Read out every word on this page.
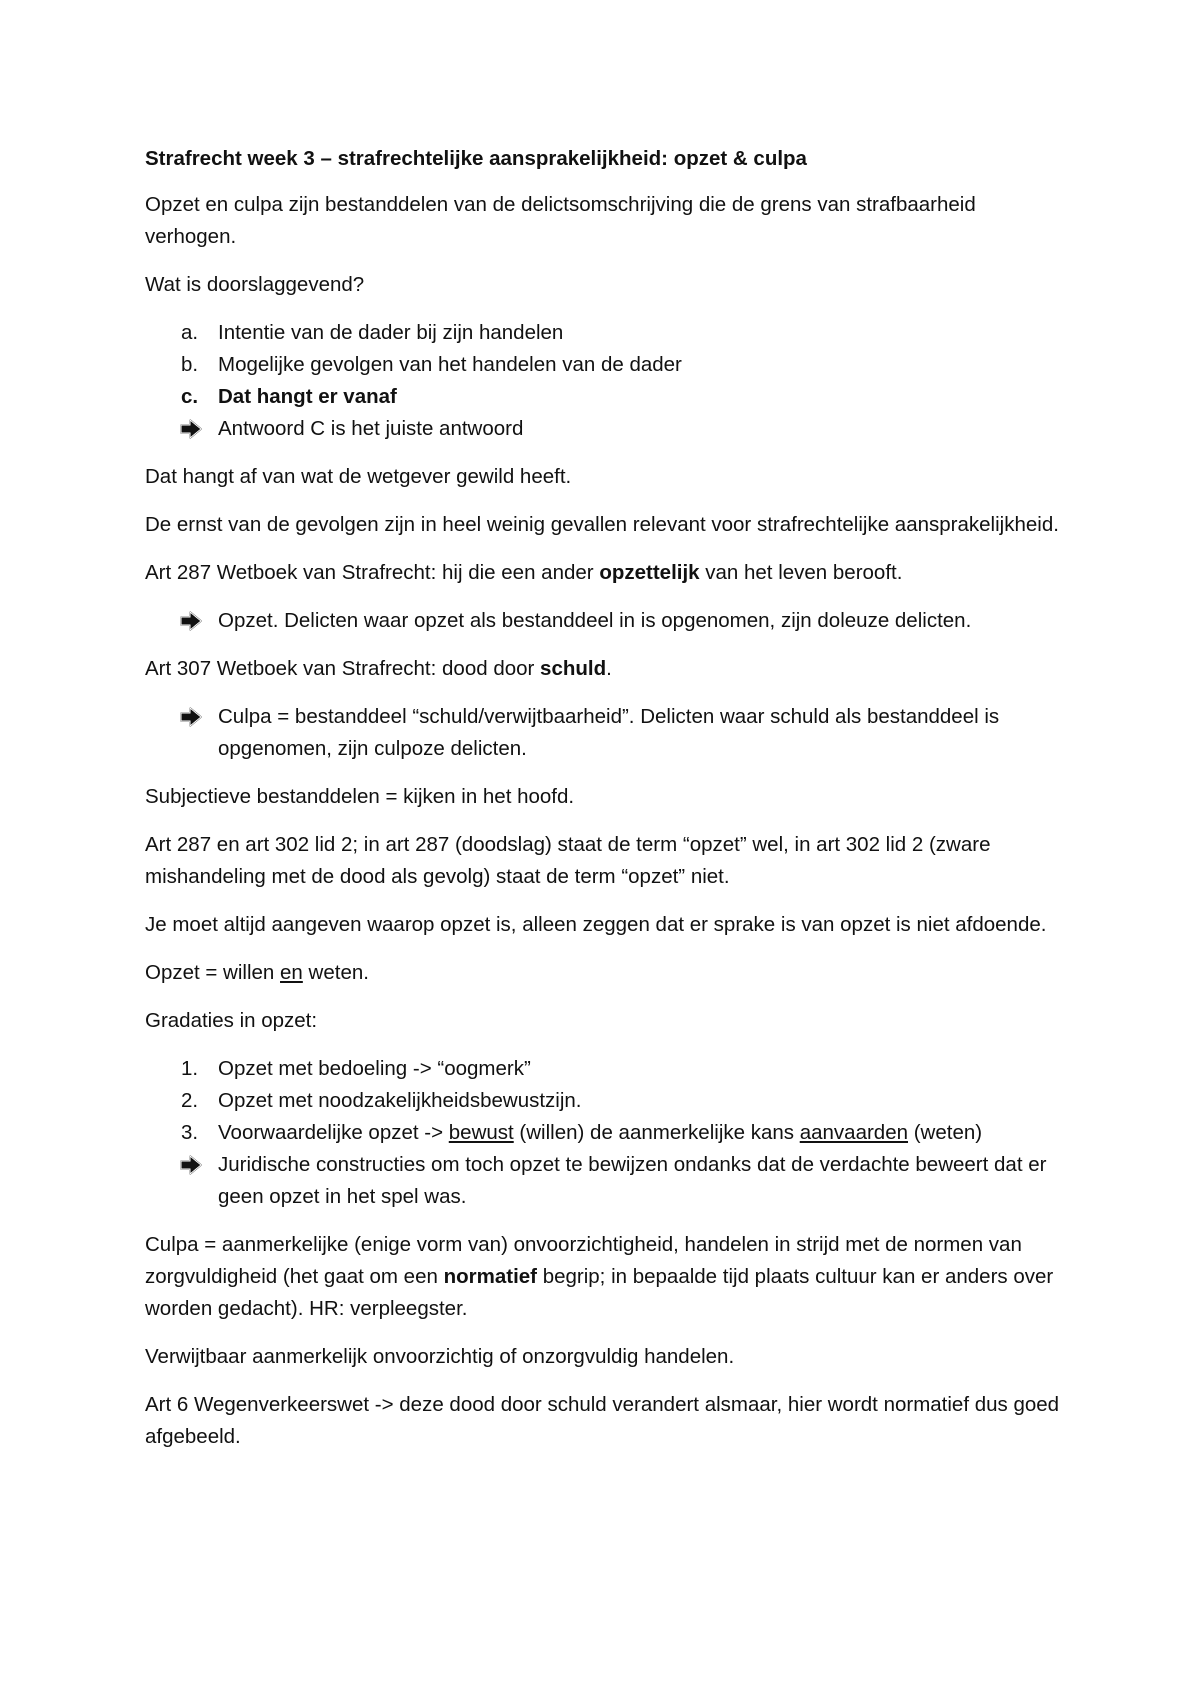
Strafrecht week 3 – strafrechtelijke aansprakelijkheid: opzet & culpa

Opzet en culpa zijn bestanddelen van de delictsomschrijving die de grens van strafbaarheid verhogen.

Wat is doorslaggevend?

a. Intentie van de dader bij zijn handelen
b. Mogelijke gevolgen van het handelen van de dader
c. Dat hangt er vanaf
Antwoord C is het juiste antwoord

Dat hangt af van wat de wetgever gewild heeft.

De ernst van de gevolgen zijn in heel weinig gevallen relevant voor strafrechtelijke aansprakelijkheid.

Art 287 Wetboek van Strafrecht: hij die een ander opzettelijk van het leven berooft.

Opzet. Delicten waar opzet als bestanddeel in is opgenomen, zijn doleuze delicten.

Art 307 Wetboek van Strafrecht: dood door schuld.

Culpa = bestanddeel “schuld/verwijtbaarheid”. Delicten waar schuld als bestanddeel is opgenomen, zijn culpoze delicten.

Subjectieve bestanddelen = kijken in het hoofd.

Art 287 en art 302 lid 2; in art 287 (doodslag) staat de term “opzet” wel, in art 302 lid 2 (zware mishandeling met de dood als gevolg) staat de term “opzet” niet.

Je moet altijd aangeven waarop opzet is, alleen zeggen dat er sprake is van opzet is niet afdoende.

Opzet = willen en weten.

Gradaties in opzet:

1. Opzet met bedoeling -> “oogmerk”
2. Opzet met noodzakelijkheidsbewustzijn.
3. Voorwaardelijke opzet -> bewust (willen) de aanmerkelijke kans aanvaarden (weten)
Juridische constructies om toch opzet te bewijzen ondanks dat de verdachte beweert dat er geen opzet in het spel was.

Culpa = aanmerkelijke (enige vorm van) onvoorzichtigheid, handelen in strijd met de normen van zorgvuldigheid (het gaat om een normatief begrip; in bepaalde tijd plaats cultuur kan er anders over worden gedacht). HR: verpleegster.

Verwijtbaar aanmerkelijk onvoorzichtig of onzorgvuldig handelen.

Art 6 Wegenverkeerswet -> deze dood door schuld verandert alsmaar, hier wordt normatief dus goed afgebeeld.
